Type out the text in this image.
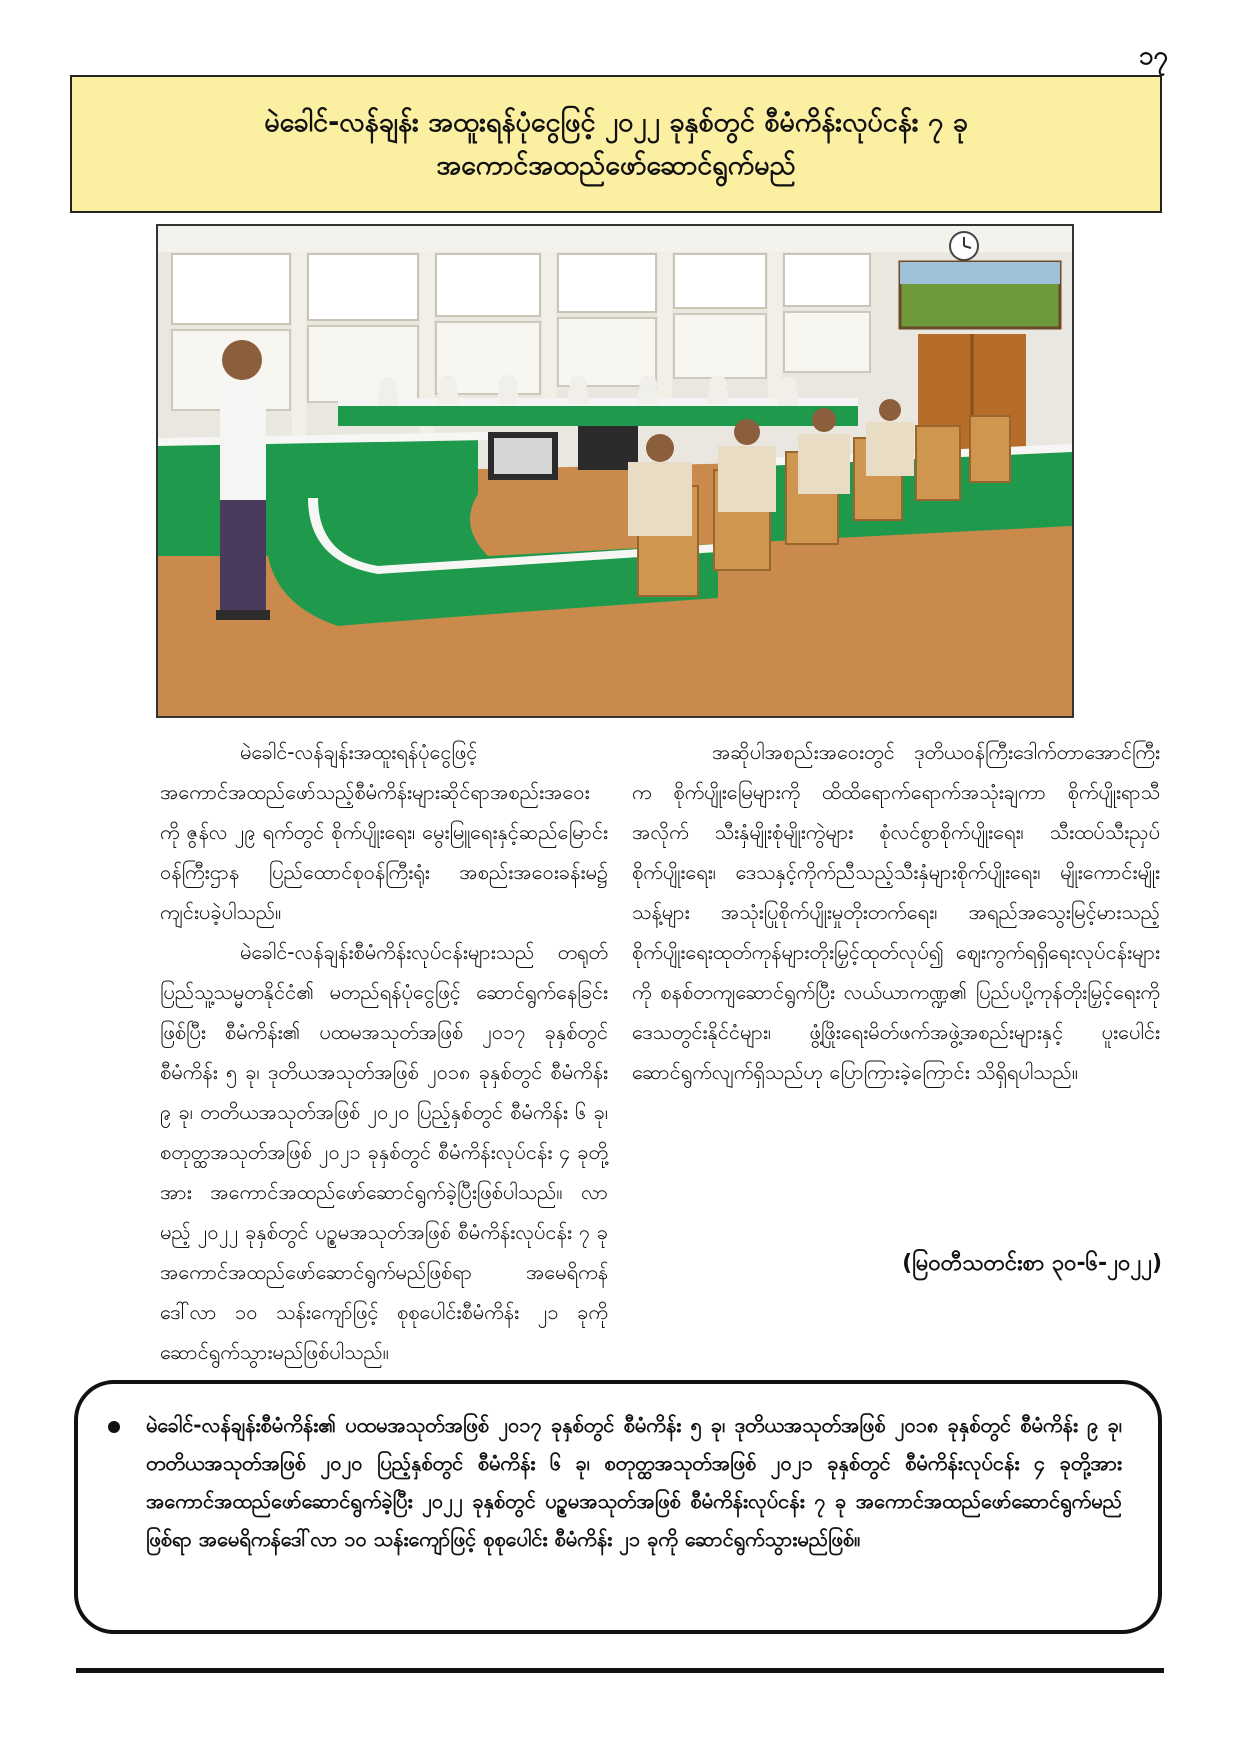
၁၇
မဲခေါင်-လန်ချန်း အထူးရန်ပုံငွေဖြင့် ၂၀၂၂ ခုနှစ်တွင် စီမံကိန်းလုပ်ငန်း ၇ ခု
အကောင်အထည်ဖော်ဆောင်ရွက်မည်

မဲခေါင်-လန်ချန်းအထူးရန်ပုံငွေဖြင့် အကောင်အထည်ဖော်သည့်စီမံကိန်းများဆိုင်ရာအစည်းအဝေးကို ဇွန်လ ၂၉ ရက်တွင် စိုက်ပျိုးရေး၊ မွေးမြူရေးနှင့်ဆည်မြောင်းဝန်ကြီးဌာန ပြည်ထောင်စုဝန်ကြီးရုံး အစည်းအဝေးခန်းမ၌ ကျင်းပခဲ့ပါသည်။

မဲခေါင်-လန်ချန်းစီမံကိန်းလုပ်ငန်းများသည် တရုတ်ပြည်သူ့သမ္မတနိုင်ငံ၏ မတည်ရန်ပုံငွေဖြင့် ဆောင်ရွက်နေခြင်းဖြစ်ပြီး စီမံကိန်း၏ ပထမအသုတ်အဖြစ် ၂၀၁၇ ခုနှစ်တွင် စီမံကိန်း ၅ ခု၊ ဒုတိယအသုတ်အဖြစ် ၂၀၁၈ ခုနှစ်တွင် စီမံကိန်း ၉ ခု၊ တတိယအသုတ်အဖြစ် ၂၀၂၀ ပြည့်နှစ်တွင် စီမံကိန်း ၆ ခု၊ စတုတ္ထအသုတ်အဖြစ် ၂၀၂၁ ခုနှစ်တွင် စီမံကိန်းလုပ်ငန်း ၄ ခုတို့အား အကောင်အထည်ဖော်ဆောင်ရွက်ခဲ့ပြီးဖြစ်ပါသည်။ လာမည့် ၂၀၂၂ ခုနှစ်တွင် ပဉ္စမအသုတ်အဖြစ် စီမံကိန်းလုပ်ငန်း ၇ ခု အကောင်အထည်ဖော်ဆောင်ရွက်မည်ဖြစ်ရာ အမေရိကန်ဒေါ်လာ ၁၀ သန်းကျော်ဖြင့် စုစုပေါင်းစီမံကိန်း ၂၁ ခုကို ဆောင်ရွက်သွားမည်ဖြစ်ပါသည်။

အဆိုပါအစည်းအဝေးတွင် ဒုတိယဝန်ကြီးဒေါက်တာအောင်ကြီးက စိုက်ပျိုးမြေများကို ထိထိရောက်ရောက်အသုံးချကာ စိုက်ပျိုးရာသီအလိုက် သီးနှံမျိုးစုံမျိုးကွဲများ စုံလင်စွာစိုက်ပျိုးရေး၊ သီးထပ်သီးညှပ်စိုက်ပျိုးရေး၊ ဒေသနှင့်ကိုက်ညီသည့်သီးနှံများစိုက်ပျိုးရေး၊ မျိုးကောင်းမျိုးသန့်များ အသုံးပြုစိုက်ပျိုးမှုတိုးတက်ရေး၊ အရည်အသွေးမြင့်မားသည့် စိုက်ပျိုးရေးထုတ်ကုန်များတိုးမြှင့်ထုတ်လုပ်၍ ဈေးကွက်ရရှိရေးလုပ်ငန်းများကို စနစ်တကျဆောင်ရွက်ပြီး လယ်ယာကဏ္ဍ၏ ပြည်ပပို့ကုန်တိုးမြှင့်ရေးကို ဒေသတွင်းနိုင်ငံများ၊ ဖွံ့ဖြိုးရေးမိတ်ဖက်အဖွဲ့အစည်းများနှင့် ပူးပေါင်းဆောင်ရွက်လျက်ရှိသည်ဟု ပြောကြားခဲ့ကြောင်း သိရှိရပါသည်။

(မြဝတီသတင်းစာ ၃၀-၆-၂၀၂၂)
မဲခေါင်-လန်ချန်းစီမံကိန်း၏ ပထမအသုတ်အဖြစ် ၂၀၁၇ ခုနှစ်တွင် စီမံကိန်း ၅ ခု၊ ဒုတိယအသုတ်အဖြစ် ၂၀၁၈ ခုနှစ်တွင် စီမံကိန်း ၉ ခု၊ တတိယအသုတ်အဖြစ် ၂၀၂၀ ပြည့်နှစ်တွင် စီမံကိန်း ၆ ခု၊ စတုတ္ထအသုတ်အဖြစ် ၂၀၂၁ ခုနှစ်တွင် စီမံကိန်းလုပ်ငန်း ၄ ခုတို့အား အကောင်အထည်ဖော်ဆောင်ရွက်ခဲ့ပြီး ၂၀၂၂ ခုနှစ်တွင် ပဉ္စမအသုတ်အဖြစ် စီမံကိန်းလုပ်ငန်း ၇ ခု အကောင်အထည်ဖော်ဆောင်ရွက်မည်ဖြစ်ရာ အမေရိကန်ဒေါ်လာ ၁၀ သန်းကျော်ဖြင့် စုစုပေါင်း စီမံကိန်း ၂၁ ခုကို ဆောင်ရွက်သွားမည်ဖြစ်။
